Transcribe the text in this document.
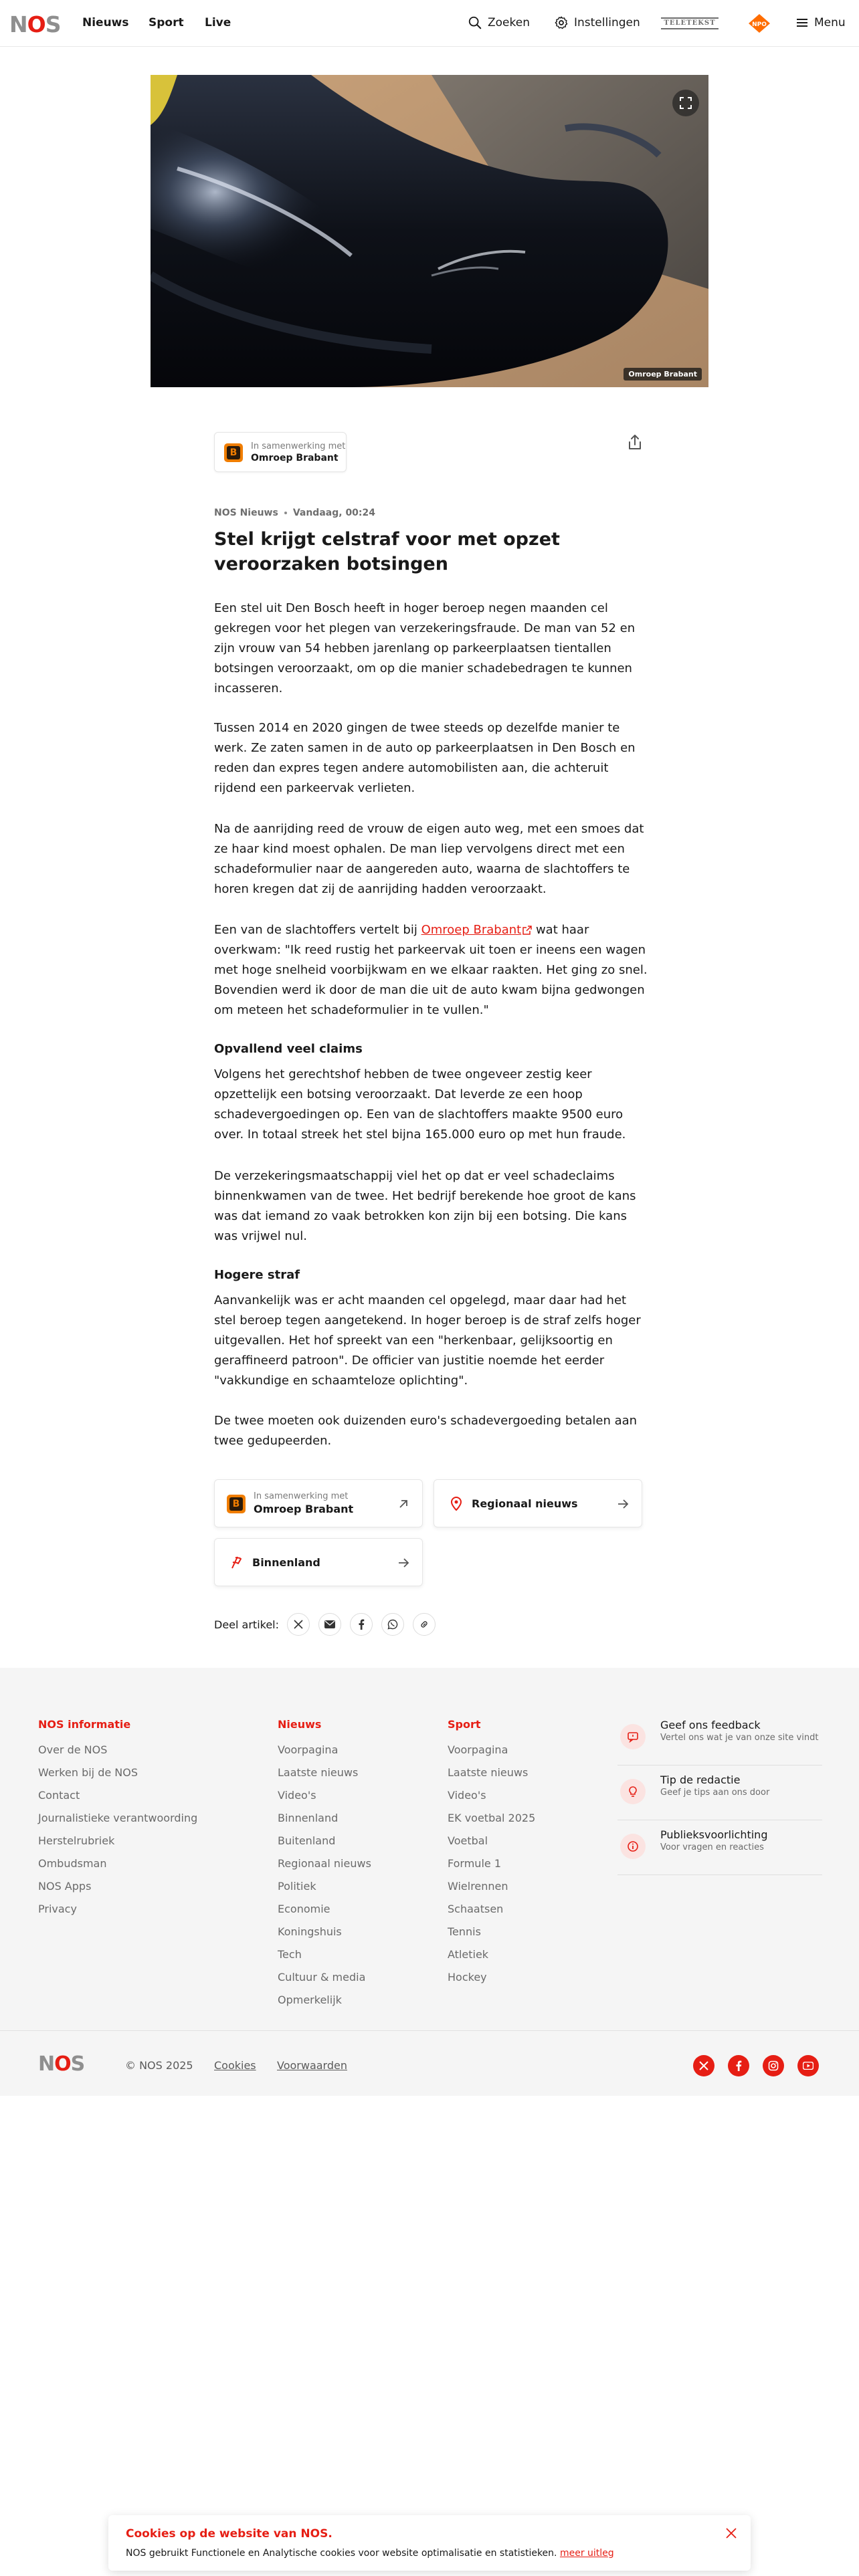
NOS Nieuws Sport Live	Zoeken	Instellingen	TELETEKST	NPO	Menu
Omroep Brabant
B
In samenwerking met
Omroep Brabant
NOS Nieuws Vandaag, 00:24
Stel krijgt celstraf voor met opzet veroorzaken botsingen

Een stel uit Den Bosch heeft in hoger beroep negen maanden cel gekregen voor het plegen van verzekeringsfraude. De man van 52 en zijn vrouw van 54 hebben jarenlang op parkeerplaatsen tientallen botsingen veroorzaakt, om op die manier schadebedragen te kunnen incasseren.

Tussen 2014 en 2020 gingen de twee steeds op dezelfde manier te werk. Ze zaten samen in de auto op parkeerplaatsen in Den Bosch en reden dan expres tegen andere automobilisten aan, die achteruit rijdend een parkeervak verlieten.

Na de aanrijding reed de vrouw de eigen auto weg, met een smoes dat ze haar kind moest ophalen. De man liep vervolgens direct met een schadeformulier naar de aangereden auto, waarna de slachtoffers te horen kregen dat zij de aanrijding hadden veroorzaakt.

Een van de slachtoffers vertelt bij Omroep Brabant wat haar overkwam: "Ik reed rustig het parkeervak uit toen er ineens een wagen met hoge snelheid voorbijkwam en we elkaar raakten. Het ging zo snel. Bovendien werd ik door de man die uit de auto kwam bijna gedwongen om meteen het schadeformulier in te vullen."

Opvallend veel claims

Volgens het gerechtshof hebben de twee ongeveer zestig keer opzettelijk een botsing veroorzaakt. Dat leverde ze een hoop schadevergoedingen op. Een van de slachtoffers maakte 9500 euro over. In totaal streek het stel bijna 165.000 euro op met hun fraude.

De verzekeringsmaatschappij viel het op dat er veel schadeclaims binnenkwamen van de twee. Het bedrijf berekende hoe groot de kans was dat iemand zo vaak betrokken kon zijn bij een botsing. Die kans was vrijwel nul.

Hogere straf

Aanvankelijk was er acht maanden cel opgelegd, maar daar had het stel beroep tegen aangetekend. In hoger beroep is de straf zelfs hoger uitgevallen. Het hof spreekt van een "herkenbaar, gelijksoortig en geraffineerd patroon". De officier van justitie noemde het eerder "vakkundige en schaamteloze oplichting".

De twee moeten ook duizenden euro's schadevergoeding betalen aan twee gedupeerden.

B
In samenwerking met
Omroep Brabant	Regionaal nieuws
Binnenland
Deel artikel:
NOS informatie
Over de NOS
Werken bij de NOS
Contact
Journalistieke verantwoording
Herstelrubriek
Ombudsman
NOS Apps
Privacy
Nieuws
Voorpagina
Laatste nieuws
Video's
Binnenland
Buitenland
Regionaal nieuws
Politiek
Economie
Koningshuis
Tech
Cultuur & media
Opmerkelijk
Sport
Voorpagina
Laatste nieuws
Video's
EK voetbal 2025
Voetbal
Formule 1
Wielrennen
Schaatsen
Tennis
Atletiek
Hockey
Geef ons feedback
Vertel ons wat je van onze site vindt
Tip de redactie
Geef je tips aan ons door
Publieksvoorlichting
Voor vragen en reacties
NOS	© NOS 2025 Cookies Voorwaarden
Cookies op de website van NOS.
NOS gebruikt Functionele en Analytische cookies voor website optimalisatie en statistieken. meer uitleg
